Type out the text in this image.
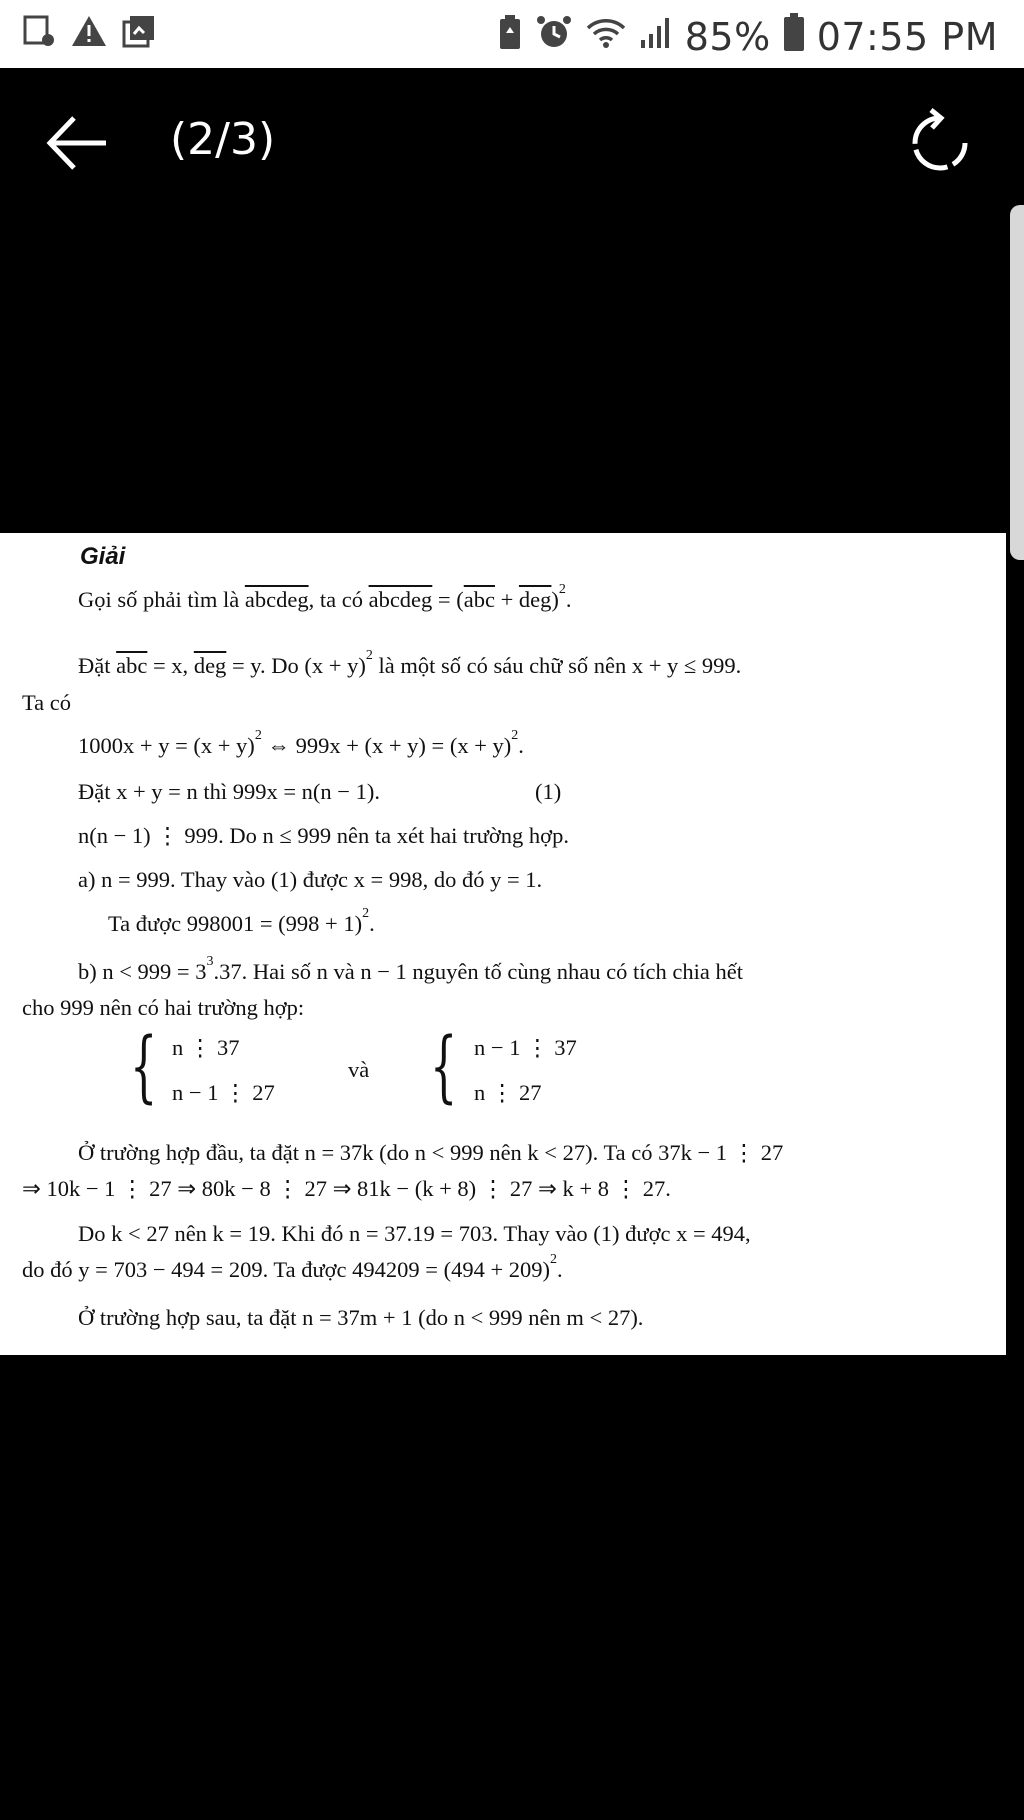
85% 07:55 PM
(2/3)
Giải
Gọi số phải tìm là abcdeg, ta có abcdeg = $(\overline{abc} + \overline{deg})^2$.
Đặt $\overline{abc} = x$, $\overline{deg} = y$. Do $(x + y)^2$ là một số có sáu chữ số nên x + y ≤ 999.
Ta có
$1000x + y = (x + y)^2$ ⇔ $999x + (x + y) = (x + y)^2$.
Đặt x + y = n thì 999x = n(n − 1).	(1)
n(n − 1) ⋮ 999. Do n ≤ 999 nên ta xét hai trường hợp.
a) n = 999. Thay vào (1) được x = 998, do đó y = 1.
Ta được $998001 = (998 + 1)^2$.
b) $n < 999 = 3^3.37$. Hai số n và n − 1 nguyên tố cùng nhau có tích chia hết
cho 999 nên có hai trường hợp:
{ n ⋮ 37
n − 1 ⋮ 27
và { n − 1 ⋮ 37
n ⋮ 27
Ở trường hợp đầu, ta đặt n = 37k (do n < 999 nên k < 27). Ta có 37k − 1 ⋮ 27
⇒ 10k − 1 ⋮ 27 ⇒ 80k − 8 ⋮ 27 ⇒ 81k − (k + 8) ⋮ 27 ⇒ k + 8 ⋮ 27.
Do k < 27 nên k = 19. Khi đó n = 37.19 = 703. Thay vào (1) được x = 494,
do đó y = 703 − 494 = 209. Ta được $494209 = (494 + 209)^2$.
Ở trường hợp sau, ta đặt n = 37m + 1 (do n < 999 nên m < 27).
